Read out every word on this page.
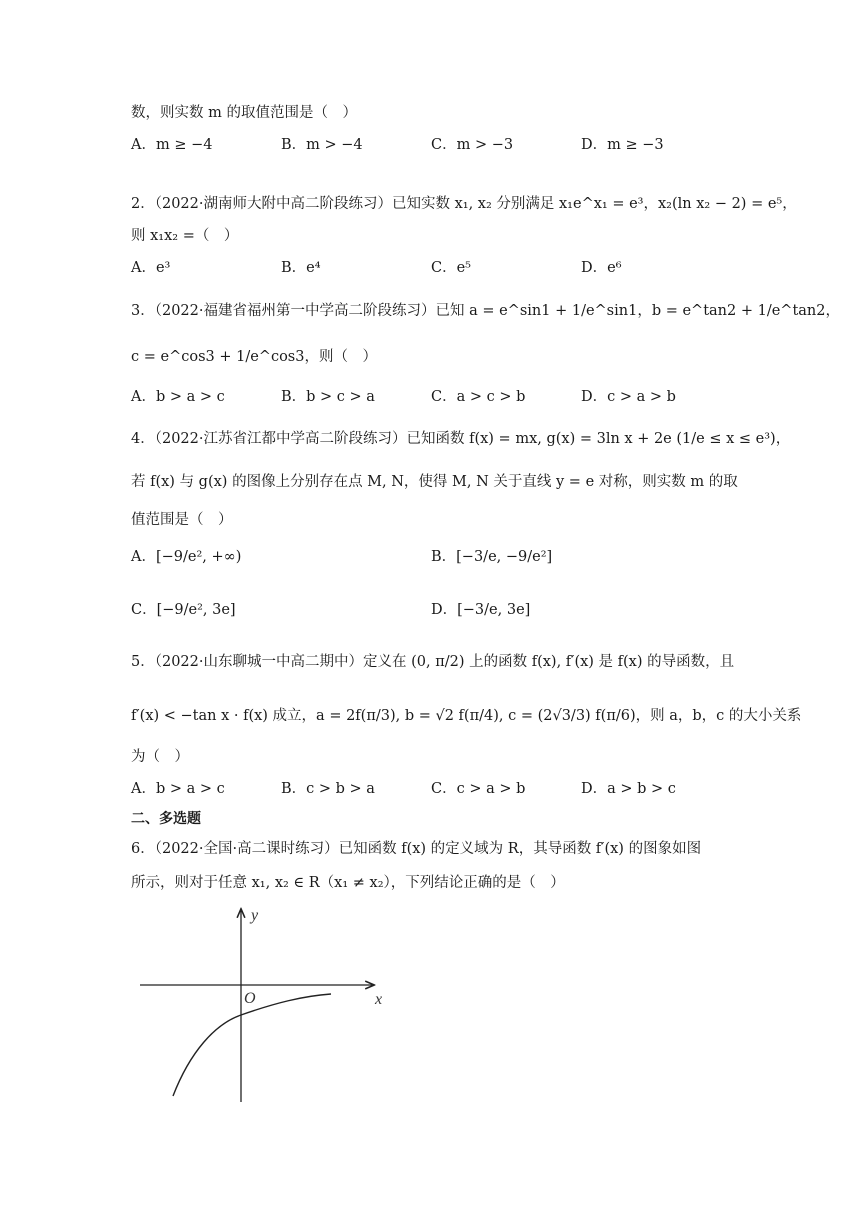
数，则实数 m 的取值范围是（　）
A．m ≥ −4	B．m > −4	C．m > −3	D．m ≥ −3
2．（2022·湖南师大附中高二阶段练习）已知实数 x₁, x₂ 分别满足 x₁e^x₁ = e³，x₂(ln x₂ − 2) = e⁵，
则 x₁x₂ =（　）
A．e³	B．e⁴	C．e⁵	D．e⁶
3．（2022·福建省福州第一中学高二阶段练习）已知 a = e^sin1 + 1/e^sin1，b = e^tan2 + 1/e^tan2，
c = e^cos3 + 1/e^cos3，则（　）
A．b > a > c	B．b > c > a	C．a > c > b	D．c > a > b
4．（2022·江苏省江都中学高二阶段练习）已知函数 f(x) = mx, g(x) = 3ln x + 2e (1/e ≤ x ≤ e³)，
若 f(x) 与 g(x) 的图像上分别存在点 M, N，使得 M, N 关于直线 y = e 对称，则实数 m 的取
值范围是（　）
A．[−9/e², +∞)	B．[−3/e, −9/e²]
C．[−9/e², 3e]	D．[−3/e, 3e]
5．（2022·山东聊城一中高二期中）定义在 (0, π/2) 上的函数 f(x), f′(x) 是 f(x) 的导函数，且
f′(x) < −tan x · f(x) 成立，a = 2f(π/3), b = √2 f(π/4), c = (2√3/3) f(π/6)，则 a，b，c 的大小关系
为（　）
A．b > a > c	B．c > b > a	C．c > a > b	D．a > b > c
二、多选题
6．（2022·全国·高二课时练习）已知函数 f(x) 的定义域为 R，其导函数 f′(x) 的图象如图
所示，则对于任意 x₁, x₂ ∈ R（x₁ ≠ x₂），下列结论正确的是（　）
y
x
O
